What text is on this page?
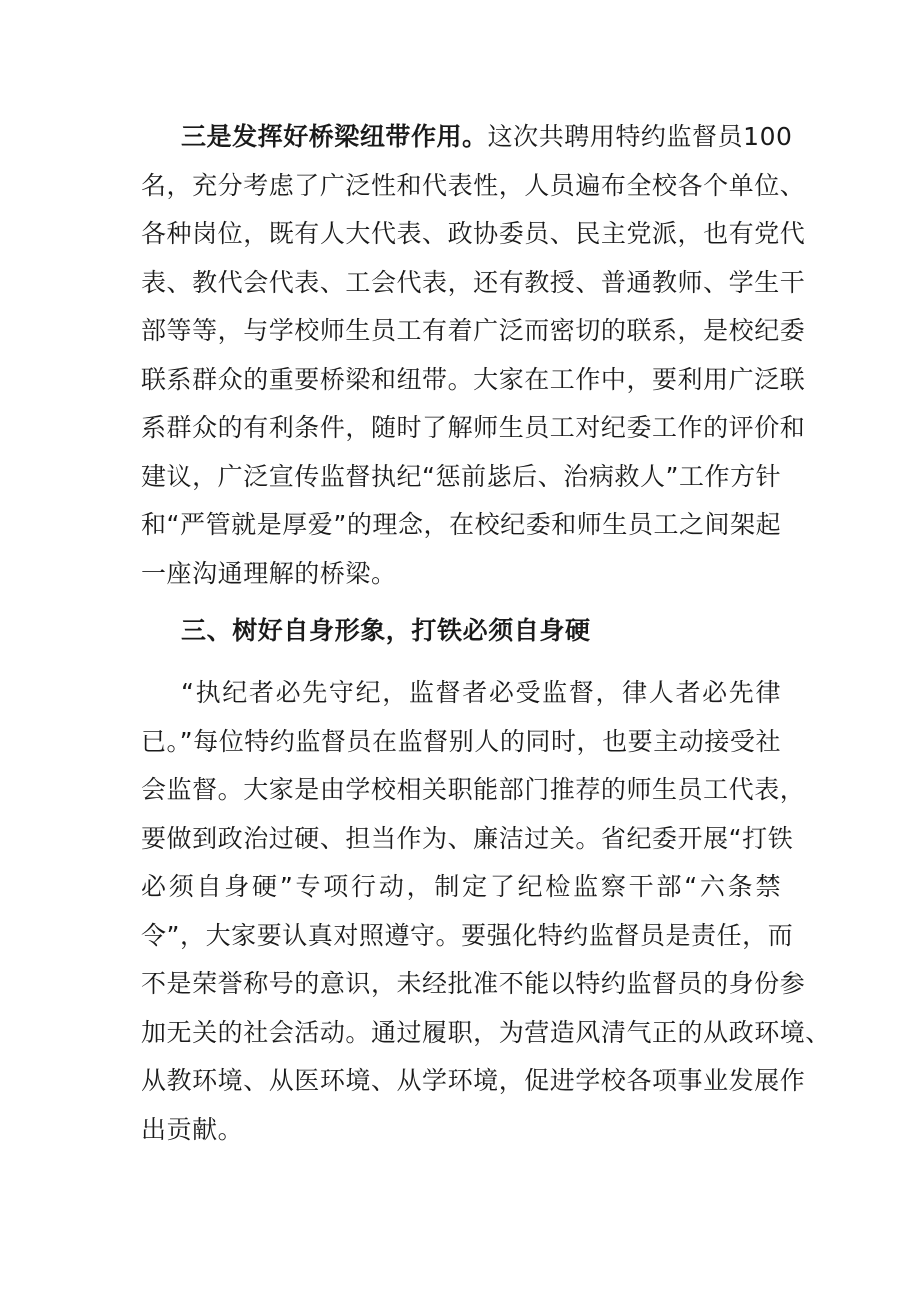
三是发挥好桥梁纽带作用。这次共聘用特约监督员100
名，充分考虑了广泛性和代表性，人员遍布全校各个单位、
各种岗位，既有人大代表、政协委员、民主党派，也有党代
表、教代会代表、工会代表，还有教授、普通教师、学生干
部等等，与学校师生员工有着广泛而密切的联系，是校纪委
联系群众的重要桥梁和纽带。大家在工作中，要利用广泛联
系群众的有利条件，随时了解师生员工对纪委工作的评价和
建议，广泛宣传监督执纪“惩前毖后、治病救人”工作方针
和“严管就是厚爱”的理念，在校纪委和师生员工之间架起
一座沟通理解的桥梁。
三、树好自身形象，打铁必须自身硬
“执纪者必先守纪，监督者必受监督，律人者必先律
已。”每位特约监督员在监督别人的同时，也要主动接受社
会监督。大家是由学校相关职能部门推荐的师生员工代表，
要做到政治过硬、担当作为、廉洁过关。省纪委开展“打铁
必须自身硬”专项行动，制定了纪检监察干部“六条禁
令”，大家要认真对照遵守。要强化特约监督员是责任，而
不是荣誉称号的意识，未经批准不能以特约监督员的身份参
加无关的社会活动。通过履职，为营造风清气正的从政环境、
从教环境、从医环境、从学环境，促进学校各项事业发展作
出贡献。
